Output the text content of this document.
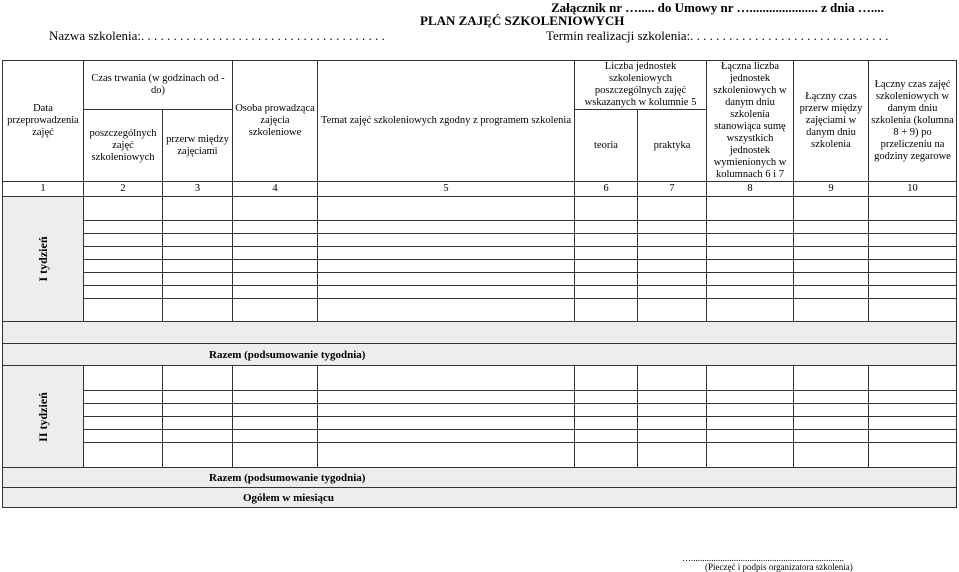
Załącznik nr …..... do Umowy nr …..................... z dnia …....
PLAN ZAJĘĆ SZKOLENIOWYCH
Nazwa szkolenia:. . . . . . . . . . . . . . . . . . . . . . . . . . . . . . . . . . . . . .	Termin realizacji szkolenia:. . . . . . . . . . . . . . . . . . . . . . . . . . . . . . .
Data przeprowadzenia zajęć	Czas trwania (w godzinach od - do)		Osoba prowadząca zajęcia szkoleniowe	Temat zajęć szkoleniowych zgodny z programem szkolenia	Liczba jednostek szkoleniowych poszczególnych zajęć wskazanych w kolumnie 5		Łączna liczba jednostek szkoleniowych w danym dniu szkolenia stanowiąca sumę wszystkich jednostek wymienionych w kolumnach 6 i 7	Łączny czas przerw między zajęciami w danym dniu szkolenia	Łączny czas zajęć szkoleniowych w danym dniu szkolenia (kolumna 8 + 9) po przeliczeniu na godziny zegarowe
	poszczególnych zajęć szkoleniowych	przerw między zajęciami			teoria	praktyka			
1	2	3	4	5	6	7	8	9	10

I tydzień									

Razem (podsumowanie tygodnia)									

II tydzień									

Razem (podsumowanie tygodnia)									
Ogółem w miesiącu									
…....................................................................
(Pieczęć i podpis organizatora szkolenia)
